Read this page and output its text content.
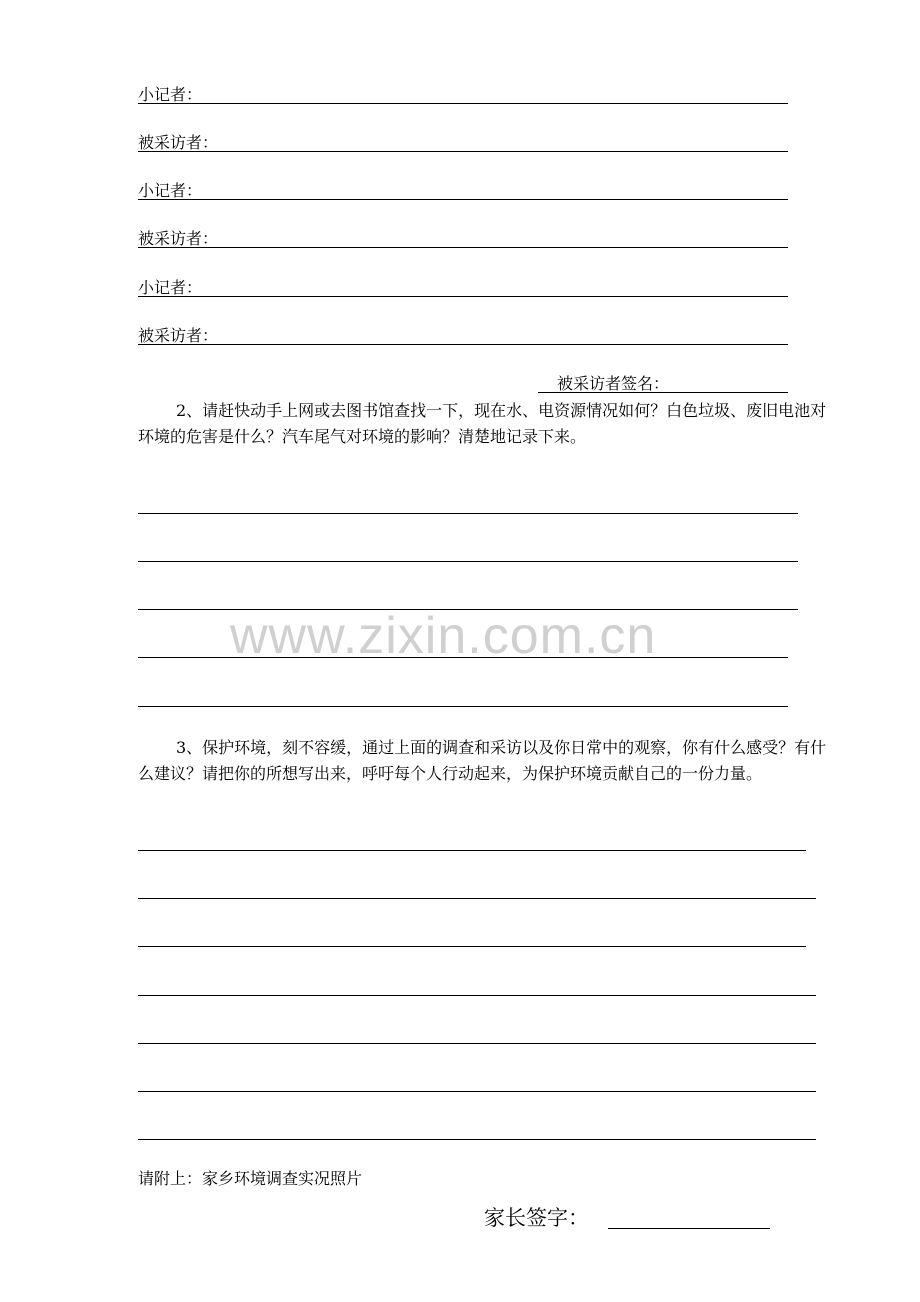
小记者：
被采访者：
小记者：
被采访者：
小记者：
被采访者：
被采访者签名：
2、请赶快动手上网或去图书馆查找一下，现在水、电资源情况如何？白色垃圾、废旧电池对环境的危害是什么？汽车尾气对环境的影响？清楚地记录下来。
www.zixin.com.cn
3、保护环境，刻不容缓，通过上面的调查和采访以及你日常中的观察，你有什么感受？有什么建议？请把你的所想写出来，呼吁每个人行动起来，为保护环境贡献自己的一份力量。
请附上：家乡环境调查实况照片
家长签字：
